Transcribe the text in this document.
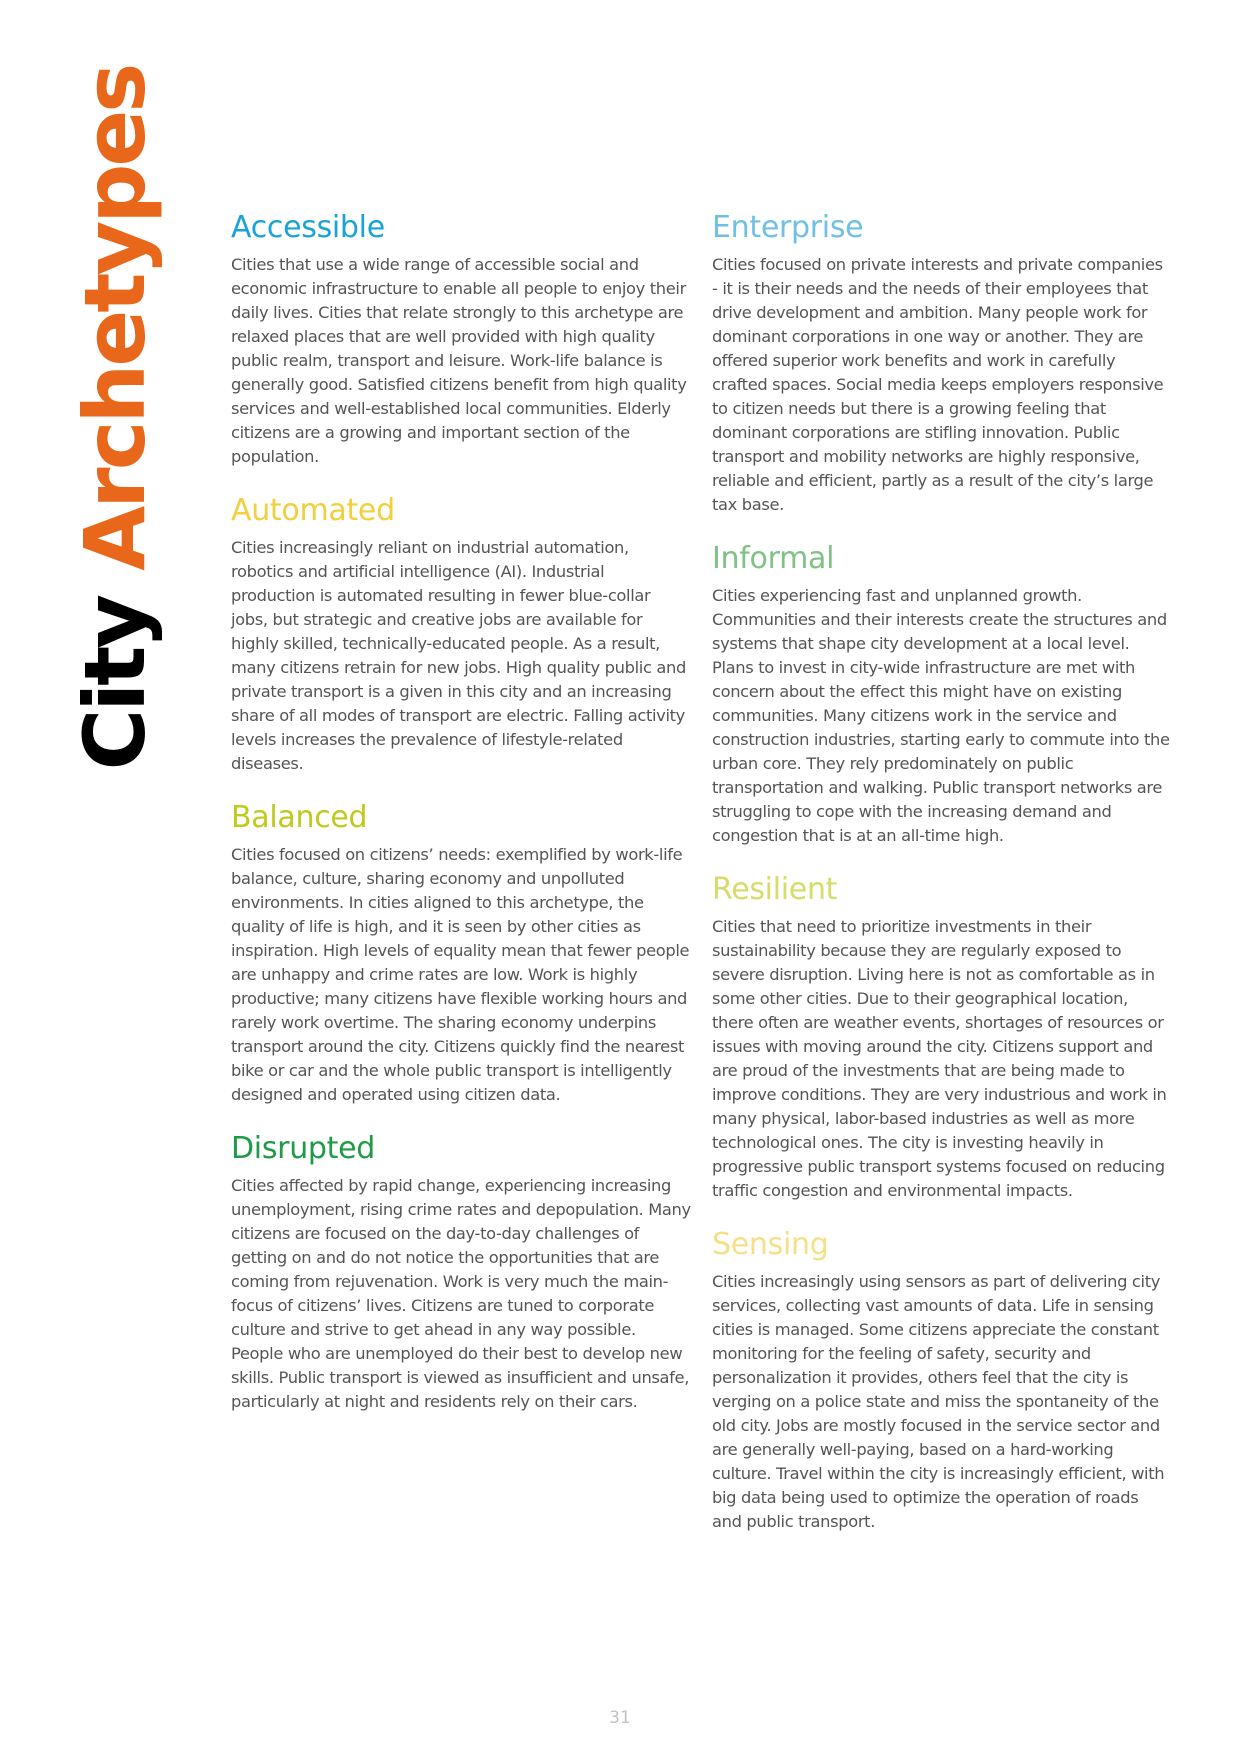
City Archetypes Accessible

Cities that use a wide range of accessible social and economic infrastructure to enable all people to enjoy their daily lives. Cities that relate strongly to this archetype are relaxed places that are well provided with high quality public realm, transport and leisure. Work-life balance is generally good. Satisfied citizens benefit from high quality services and well-established local communities. Elderly citizens are a growing and important section of the population.

Automated

Cities increasingly reliant on industrial automation, robotics and artificial intelligence (AI). Industrial production is automated resulting in fewer blue-collar jobs, but strategic and creative jobs are available for highly skilled, technically-educated people. As a result, many citizens retrain for new jobs. High quality public and private transport is a given in this city and an increasing share of all modes of transport are electric. Falling activity levels increases the prevalence of lifestyle-related diseases.

Balanced

Cities focused on citizens’ needs: exemplified by work-life balance, culture, sharing economy and unpolluted environments. In cities aligned to this archetype, the quality of life is high, and it is seen by other cities as inspiration. High levels of equality mean that fewer people are unhappy and crime rates are low. Work is highly productive; many citizens have flexible working hours and rarely work overtime. The sharing economy underpins transport around the city. Citizens quickly find the nearest bike or car and the whole public transport is intelligently designed and operated using citizen data.

Disrupted

Cities affected by rapid change, experiencing increasing unemployment, rising crime rates and depopulation. Many citizens are focused on the day-to-day challenges of getting on and do not notice the opportunities that are coming from rejuvenation. Work is very much the main-focus of citizens’ lives. Citizens are tuned to corporate culture and strive to get ahead in any way possible. People who are unemployed do their best to develop new skills. Public transport is viewed as insufficient and unsafe, particularly at night and residents rely on their cars.

Enterprise

Cities focused on private interests and private companies - it is their needs and the needs of their employees that drive development and ambition. Many people work for dominant corporations in one way or another. They are offered superior work benefits and work in carefully crafted spaces. Social media keeps employers responsive to citizen needs but there is a growing feeling that dominant corporations are stifling innovation. Public transport and mobility networks are highly responsive, reliable and efficient, partly as a result of the city’s large tax base.

Informal

Cities experiencing fast and unplanned growth. Communities and their interests create the structures and systems that shape city development at a local level. Plans to invest in city-wide infrastructure are met with concern about the effect this might have on existing communities. Many citizens work in the service and construction industries, starting early to commute into the urban core. They rely predominately on public transportation and walking. Public transport networks are struggling to cope with the increasing demand and congestion that is at an all-time high.

Resilient

Cities that need to prioritize investments in their sustainability because they are regularly exposed to severe disruption. Living here is not as comfortable as in some other cities. Due to their geographical location, there often are weather events, shortages of resources or issues with moving around the city. Citizens support and are proud of the investments that are being made to improve conditions. They are very industrious and work in many physical, labor-based industries as well as more technological ones. The city is investing heavily in progressive public transport systems focused on reducing traffic congestion and environmental impacts.

Sensing

Cities increasingly using sensors as part of delivering city services, collecting vast amounts of data. Life in sensing cities is managed. Some citizens appreciate the constant monitoring for the feeling of safety, security and personalization it provides, others feel that the city is verging on a police state and miss the spontaneity of the old city. Jobs are mostly focused in the service sector and are generally well-paying, based on a hard-working culture. Travel within the city is increasingly efficient, with big data being used to optimize the operation of roads and public transport.

31
